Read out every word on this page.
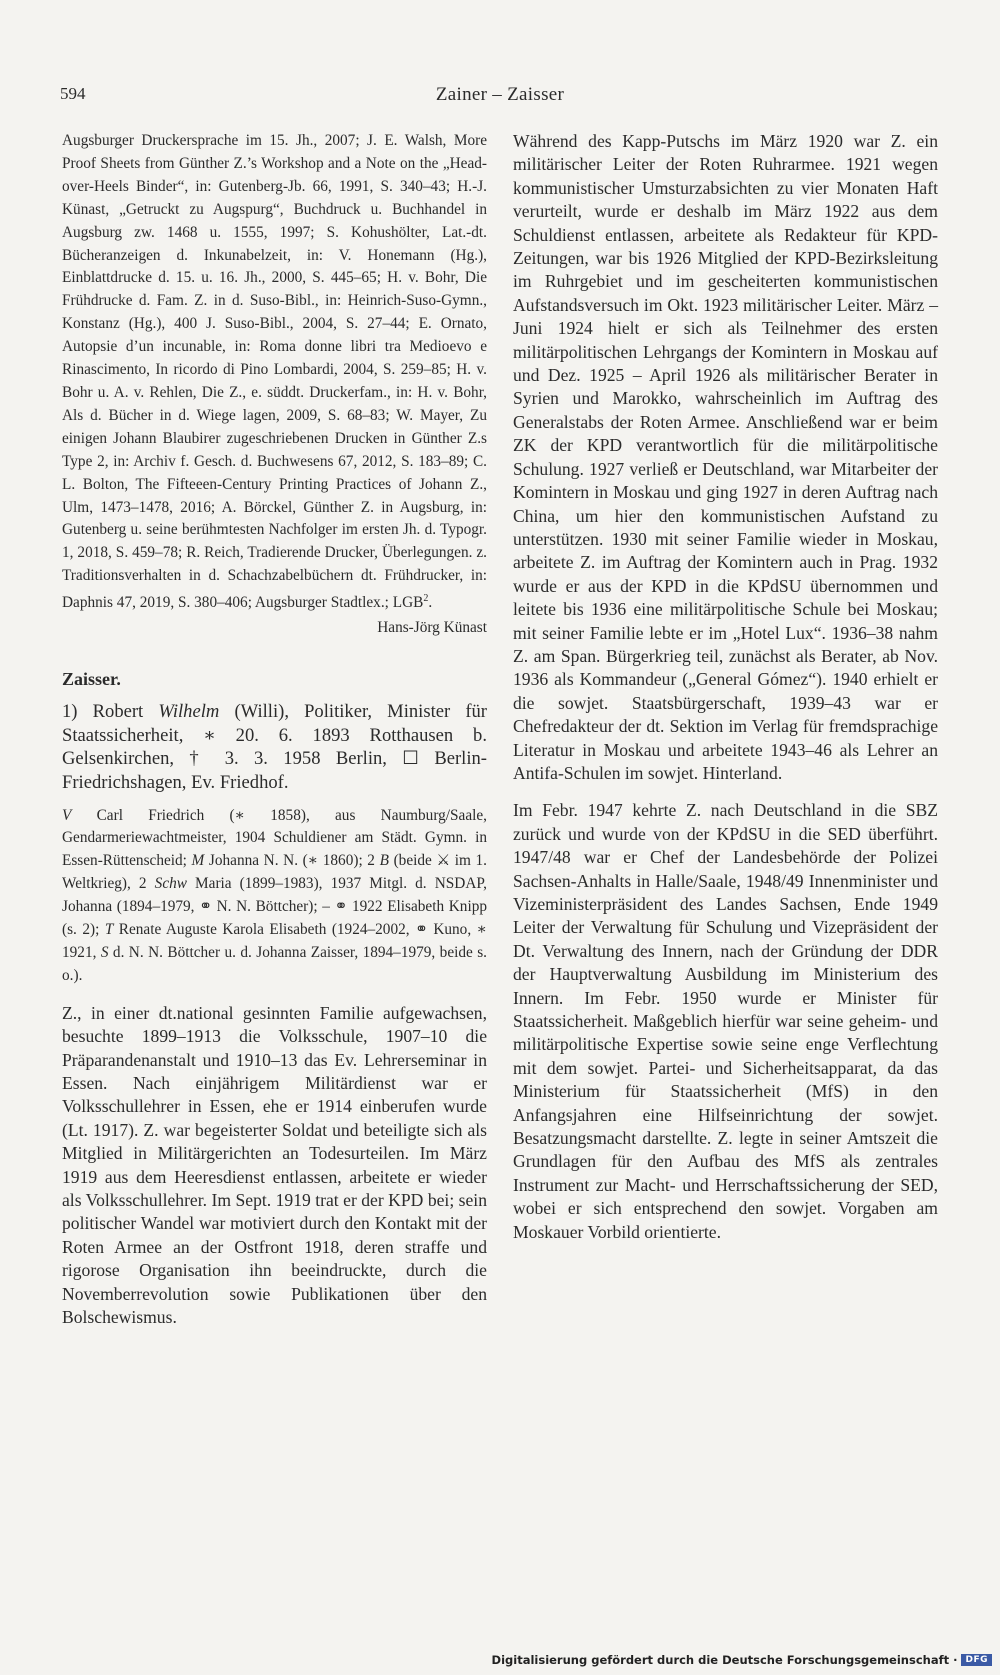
594	Zainer – Zaisser

Augsburger Druckersprache im 15. Jh., 2007; J. E. Walsh, More Proof Sheets from Günther Z.’s Workshop and a Note on the „Head-over-Heels Binder“, in: Gutenberg-Jb. 66, 1991, S. 340–43; H.-J. Künast, „Getruckt zu Augspurg“, Buchdruck u. Buchhandel in Augsburg zw. 1468 u. 1555, 1997; S. Kohushölter, Lat.-dt. Bücheranzeigen d. Inkunabelzeit, in: V. Honemann (Hg.), Einblattdrucke d. 15. u. 16. Jh., 2000, S. 445–65; H. v. Bohr, Die Frühdrucke d. Fam. Z. in d. Suso-Bibl., in: Heinrich-Suso-Gymn., Konstanz (Hg.), 400 J. Suso-Bibl., 2004, S. 27–44; E. Ornato, Autopsie d’un incunable, in: Roma donne libri tra Medioevo e Rinascimento, In ricordo di Pino Lombardi, 2004, S. 259–85; H. v. Bohr u. A. v. Rehlen, Die Z., e. süddt. Druckerfam., in: H. v. Bohr, Als d. Bücher in d. Wiege lagen, 2009, S. 68–83; W. Mayer, Zu einigen Johann Blaubirer zugeschriebenen Drucken in Günther Z.s Type 2, in: Archiv f. Gesch. d. Buchwesens 67, 2012, S. 183–89; C. L. Bolton, The Fifteeen-Century Printing Practices of Johann Z., Ulm, 1473–1478, 2016; A. Börckel, Günther Z. in Augsburg, in: Gutenberg u. seine berühmtesten Nachfolger im ersten Jh. d. Typogr. 1, 2018, S. 459–78; R. Reich, Tradierende Drucker, Überlegungen. z. Traditionsverhalten in d. Schachzabelbüchern dt. Frühdrucker, in: Daphnis 47, 2019, S. 380–406; Augsburger Stadtlex.; LGB$^2$.

Hans-Jörg Künast

Zaisser.

1) Robert Wilhelm (Willi), Politiker, Minister für Staatssicherheit, ∗ 20. 6. 1893 Rotthausen b. Gelsenkirchen, † 3. 3. 1958 Berlin, ☐ Berlin-Friedrichshagen, Ev. Friedhof.

V Carl Friedrich (∗ 1858), aus Naumburg/Saale, Gendarmeriewachtmeister, 1904 Schuldiener am Städt. Gymn. in Essen-Rüttenscheid; M Johanna N. N. (∗ 1860); 2 B (beide ⚔ im 1. Weltkrieg), 2 Schw Maria (1899–1983), 1937 Mitgl. d. NSDAP, Johanna (1894–1979, ⚭ N. N. Böttcher); – ⚭ 1922 Elisabeth Knipp (s. 2); T Renate Auguste Karola Elisabeth (1924–2002, ⚭ Kuno, ∗ 1921, S d. N. N. Böttcher u. d. Johanna Zaisser, 1894–1979, beide s. o.).

Z., in einer dt.national gesinnten Familie aufgewachsen, besuchte 1899–1913 die Volksschule, 1907–10 die Präparandenanstalt und 1910–13 das Ev. Lehrerseminar in Essen. Nach einjährigem Militärdienst war er Volksschullehrer in Essen, ehe er 1914 einberufen wurde (Lt. 1917). Z. war begeisterter Soldat und beteiligte sich als Mitglied in Militärgerichten an Todesurteilen. Im März 1919 aus dem Heeresdienst entlassen, arbeitete er wieder als Volksschullehrer. Im Sept. 1919 trat er der KPD bei; sein politischer Wandel war motiviert durch den Kontakt mit der Roten Armee an der Ostfront 1918, deren straffe und rigorose Organisation ihn beeindruckte, durch die Novemberrevolution sowie Publikationen über den Bolschewismus.

Während des Kapp-Putschs im März 1920 war Z. ein militärischer Leiter der Roten Ruhrarmee. 1921 wegen kommunistischer Umsturzabsichten zu vier Monaten Haft verurteilt, wurde er deshalb im März 1922 aus dem Schuldienst entlassen, arbeitete als Redakteur für KPD-Zeitungen, war bis 1926 Mitglied der KPD-Bezirksleitung im Ruhrgebiet und im gescheiterten kommunistischen Aufstandsversuch im Okt. 1923 militärischer Leiter. März – Juni 1924 hielt er sich als Teilnehmer des ersten militärpolitischen Lehrgangs der Komintern in Moskau auf und Dez. 1925 – April 1926 als militärischer Berater in Syrien und Marokko, wahrscheinlich im Auftrag des Generalstabs der Roten Armee. Anschließend war er beim ZK der KPD verantwortlich für die militärpolitische Schulung. 1927 verließ er Deutschland, war Mitarbeiter der Komintern in Moskau und ging 1927 in deren Auftrag nach China, um hier den kommunistischen Aufstand zu unterstützen. 1930 mit seiner Familie wieder in Moskau, arbeitete Z. im Auftrag der Komintern auch in Prag. 1932 wurde er aus der KPD in die KPdSU übernommen und leitete bis 1936 eine militärpolitische Schule bei Moskau; mit seiner Familie lebte er im „Hotel Lux“. 1936–38 nahm Z. am Span. Bürgerkrieg teil, zunächst als Berater, ab Nov. 1936 als Kommandeur („General Gómez“). 1940 erhielt er die sowjet. Staatsbürgerschaft, 1939–43 war er Chefredakteur der dt. Sektion im Verlag für fremdsprachige Literatur in Moskau und arbeitete 1943–46 als Lehrer an Antifa-Schulen im sowjet. Hinterland.

Im Febr. 1947 kehrte Z. nach Deutschland in die SBZ zurück und wurde von der KPdSU in die SED überführt. 1947/48 war er Chef der Landesbehörde der Polizei Sachsen-Anhalts in Halle/Saale, 1948/49 Innenminister und Vizeministerpräsident des Landes Sachsen, Ende 1949 Leiter der Verwaltung für Schulung und Vizepräsident der Dt. Verwaltung des Innern, nach der Gründung der DDR der Hauptverwaltung Ausbildung im Ministerium des Innern. Im Febr. 1950 wurde er Minister für Staatssicherheit. Maßgeblich hierfür war seine geheim- und militärpolitische Expertise sowie seine enge Verflechtung mit dem sowjet. Partei- und Sicherheitsapparat, da das Ministerium für Staatssicherheit (MfS) in den Anfangsjahren eine Hilfseinrichtung der sowjet. Besatzungsmacht darstellte. Z. legte in seiner Amtszeit die Grundlagen für den Aufbau des MfS als zentrales Instrument zur Macht- und Herrschaftssicherung der SED, wobei er sich entsprechend den sowjet. Vorgaben am Moskauer Vorbild orientierte.

Digitalisierung gefördert durch die Deutsche Forschungsgemeinschaft · DFG
